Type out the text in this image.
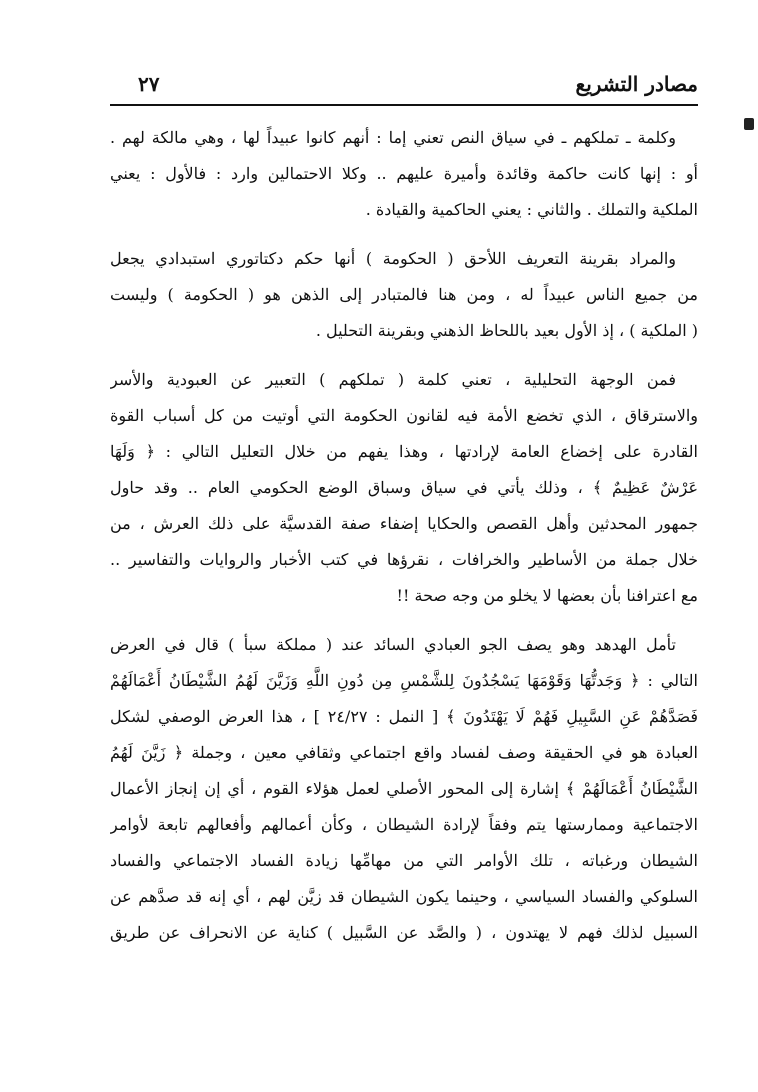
مصادر التشريع
٢٧
وكلمة ـ تملكهم ـ في سياق النص تعني إما : أنهم كانوا عبيداً لها ، وهي مالكة لهم .
أو : إنها كانت حاكمة وقائدة وأميرة عليهم .. وكلا الاحتمالين وارد : فالأول : يعني
الملكية والتملك . والثاني : يعني الحاكمية والقيادة .
والمراد بقرينة التعريف اللأحق ( الحكومة ) أنها حكم دكتاتوري استبدادي يجعل
من جميع الناس عبيداً له ، ومن هنا فالمتبادر إلى الذهن هو ( الحكومة ) وليست
( الملكية ) ، إذ الأول بعيد باللحاظ الذهني وبقرينة التحليل .
فمن الوجهة التحليلية ، تعني كلمة ( تملكهم ) التعبير عن العبودية والأسر
والاسترقاق ، الذي تخضع الأمة فيه لقانون الحكومة التي أوتيت من كل أسباب القوة
القادرة على إخضاع العامة لإرادتها ، وهذا يفهم من خلال التعليل التالي : ﴿ وَلَهَا
عَرْشٌ عَظِيمٌ ﴾ ، وذلك يأتي في سياق وسباق الوضع الحكومي العام .. وقد حاول
جمهور المحدثين وأهل القصص والحكايا إضفاء صفة القدسيَّة على ذلك العرش ، من
خلال جملة من الأساطير والخرافات ، نقرؤها في كتب الأخبار والروايات والتفاسير ..
مع اعترافنا بأن بعضها لا يخلو من وجه صحة !!
تأمل الهدهد وهو يصف الجو العبادي السائد عند ( مملكة سبأ ) قال في العرض
التالي : ﴿ وَجَدتُّهَا وَقَوْمَهَا يَسْجُدُونَ لِلشَّمْسِ مِن دُونِ اللَّهِ وَزَيَّنَ لَهُمُ الشَّيْطَانُ أَعْمَالَهُمْ
فَصَدَّهُمْ عَنِ السَّبِيلِ فَهُمْ لَا يَهْتَدُونَ ﴾ [ النمل : ٢٤/٢٧ ] ، هذا العرض الوصفي لشكل
العبادة هو في الحقيقة وصف لفساد واقع اجتماعي وثقافي معين ، وجملة ﴿ زَيَّنَ لَهُمُ
الشَّيْطَانُ أَعْمَالَهُمْ ﴾ إشارة إلى المحور الأصلي لعمل هؤلاء القوم ، أي إن إنجاز الأعمال
الاجتماعية وممارستها يتم وفقاً لإرادة الشيطان ، وكأن أعمالهم وأفعالهم تابعة لأوامر
الشيطان ورغباته ، تلك الأوامر التي من مهامِّها زيادة الفساد الاجتماعي والفساد
السلوكي والفساد السياسي ، وحينما يكون الشيطان قد زيَّن لهم ، أي إنه قد صدَّهم عن
السبيل لذلك فهم لا يهتدون ، ( والصَّد عن السَّبيل ) كناية عن الانحراف عن طريق
